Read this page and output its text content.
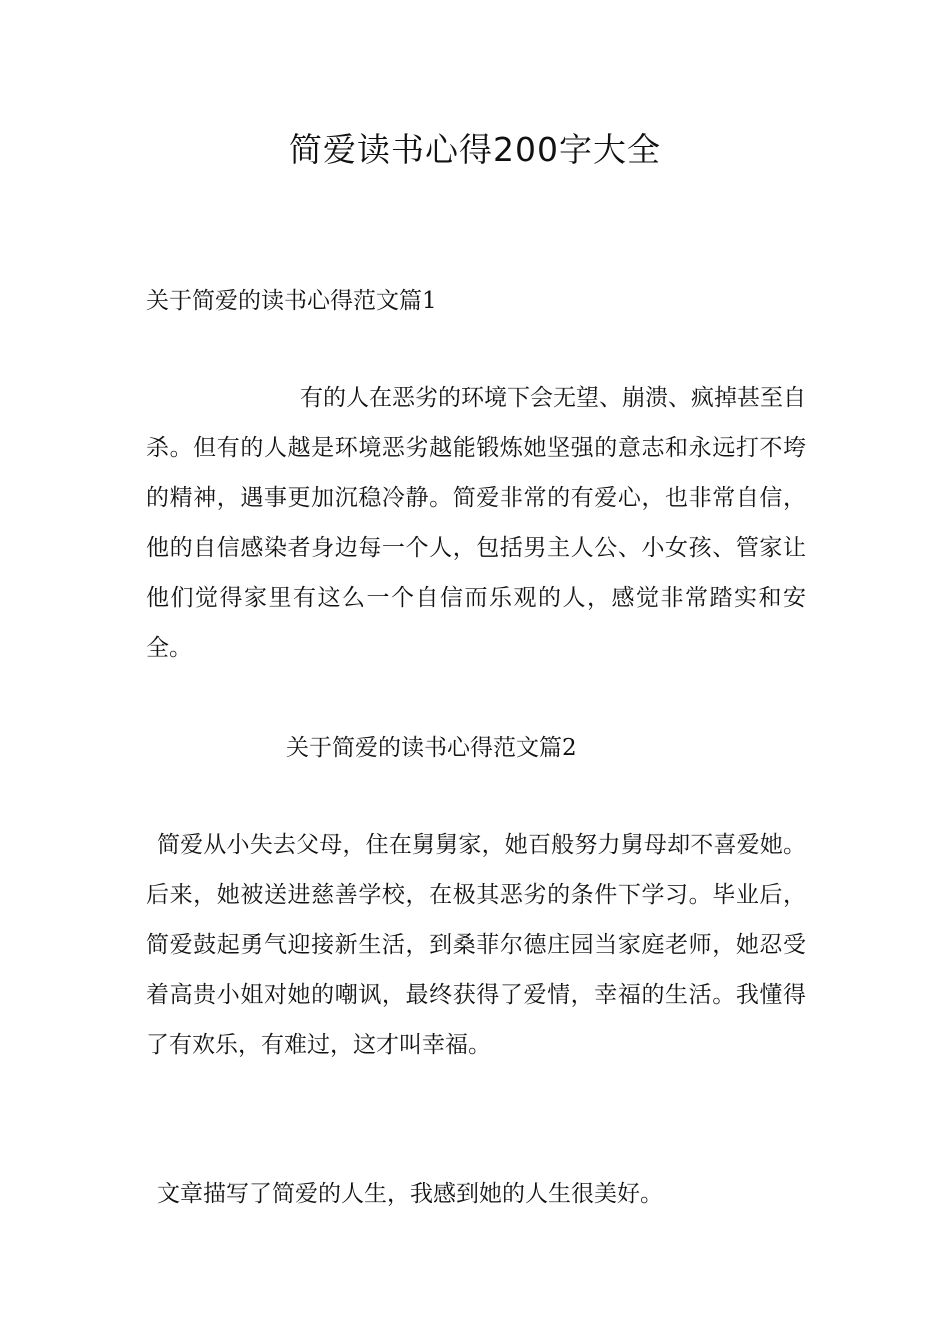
简爱读书心得200字大全
关于简爱的读书心得范文篇1

有的人在恶劣的环境下会无望、崩溃、疯掉甚至自杀。但有的人越是环境恶劣越能锻炼她坚强的意志和永远打不垮的精神，遇事更加沉稳冷静。简爱非常的有爱心，也非常自信，他的自信感染者身边每一个人，包括男主人公、小女孩、管家让他们觉得家里有这么一个自信而乐观的人，感觉非常踏实和安全。

关于简爱的读书心得范文篇2

简爱从小失去父母，住在舅舅家，她百般努力舅母却不喜爱她。后来，她被送进慈善学校，在极其恶劣的条件下学习。毕业后，简爱鼓起勇气迎接新生活，到桑菲尔德庄园当家庭老师，她忍受着高贵小姐对她的嘲讽，最终获得了爱情，幸福的生活。我懂得了有欢乐，有难过，这才叫幸福。

文章描写了简爱的人生，我感到她的人生很美好。
